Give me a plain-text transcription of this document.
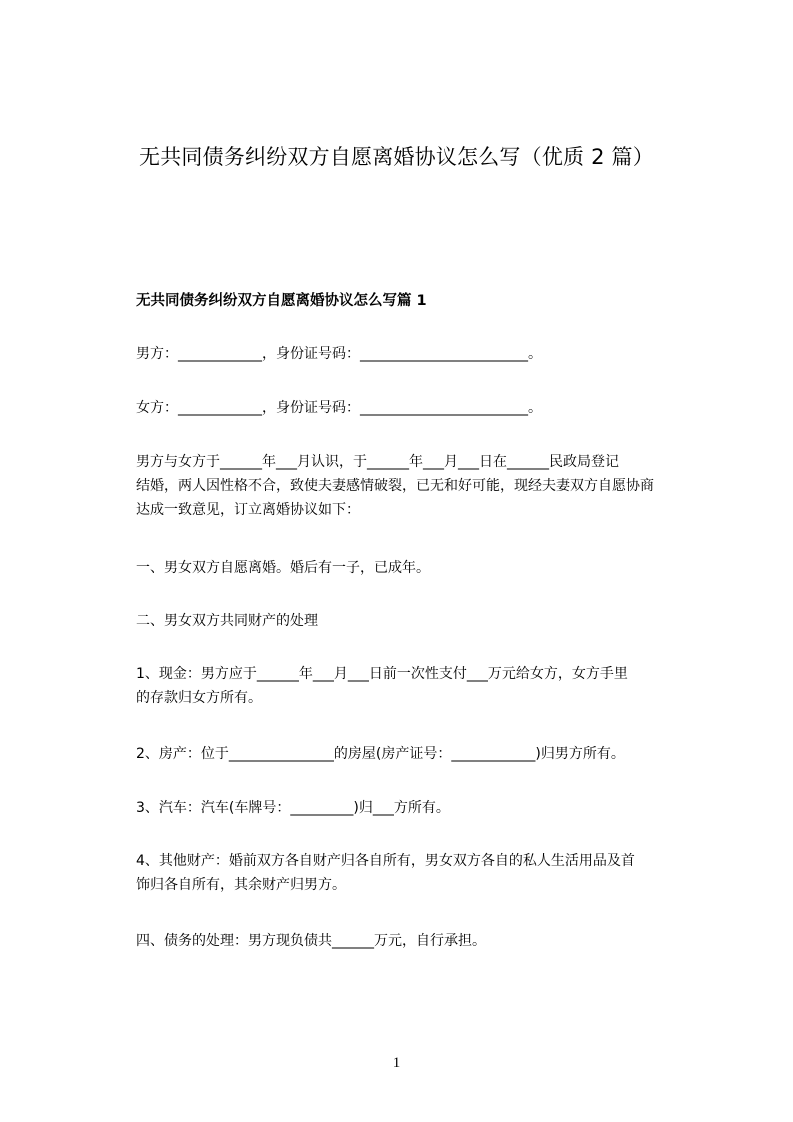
无共同债务纠纷双方自愿离婚协议怎么写（优质 2 篇）
无共同债务纠纷双方自愿离婚协议怎么写篇 1
男方：____________，身份证号码：________________________。
女方：____________，身份证号码：________________________。
男方与女方于______年___月认识，于______年___月___日在______民政局登记
结婚，两人因性格不合，致使夫妻感情破裂，已无和好可能，现经夫妻双方自愿协商
达成一致意见，订立离婚协议如下：
一、男女双方自愿离婚。婚后有一子，已成年。
二、男女双方共同财产的处理
1、现金：男方应于______年___月___日前一次性支付___万元给女方，女方手里
的存款归女方所有。
2、房产：位于_______________的房屋(房产证号：____________)归男方所有。
3、汽车：汽车(车牌号：_________)归___方所有。
4、其他财产：婚前双方各自财产归各自所有，男女双方各自的私人生活用品及首
饰归各自所有，其余财产归男方。
四、债务的处理：男方现负债共______万元，自行承担。
1
